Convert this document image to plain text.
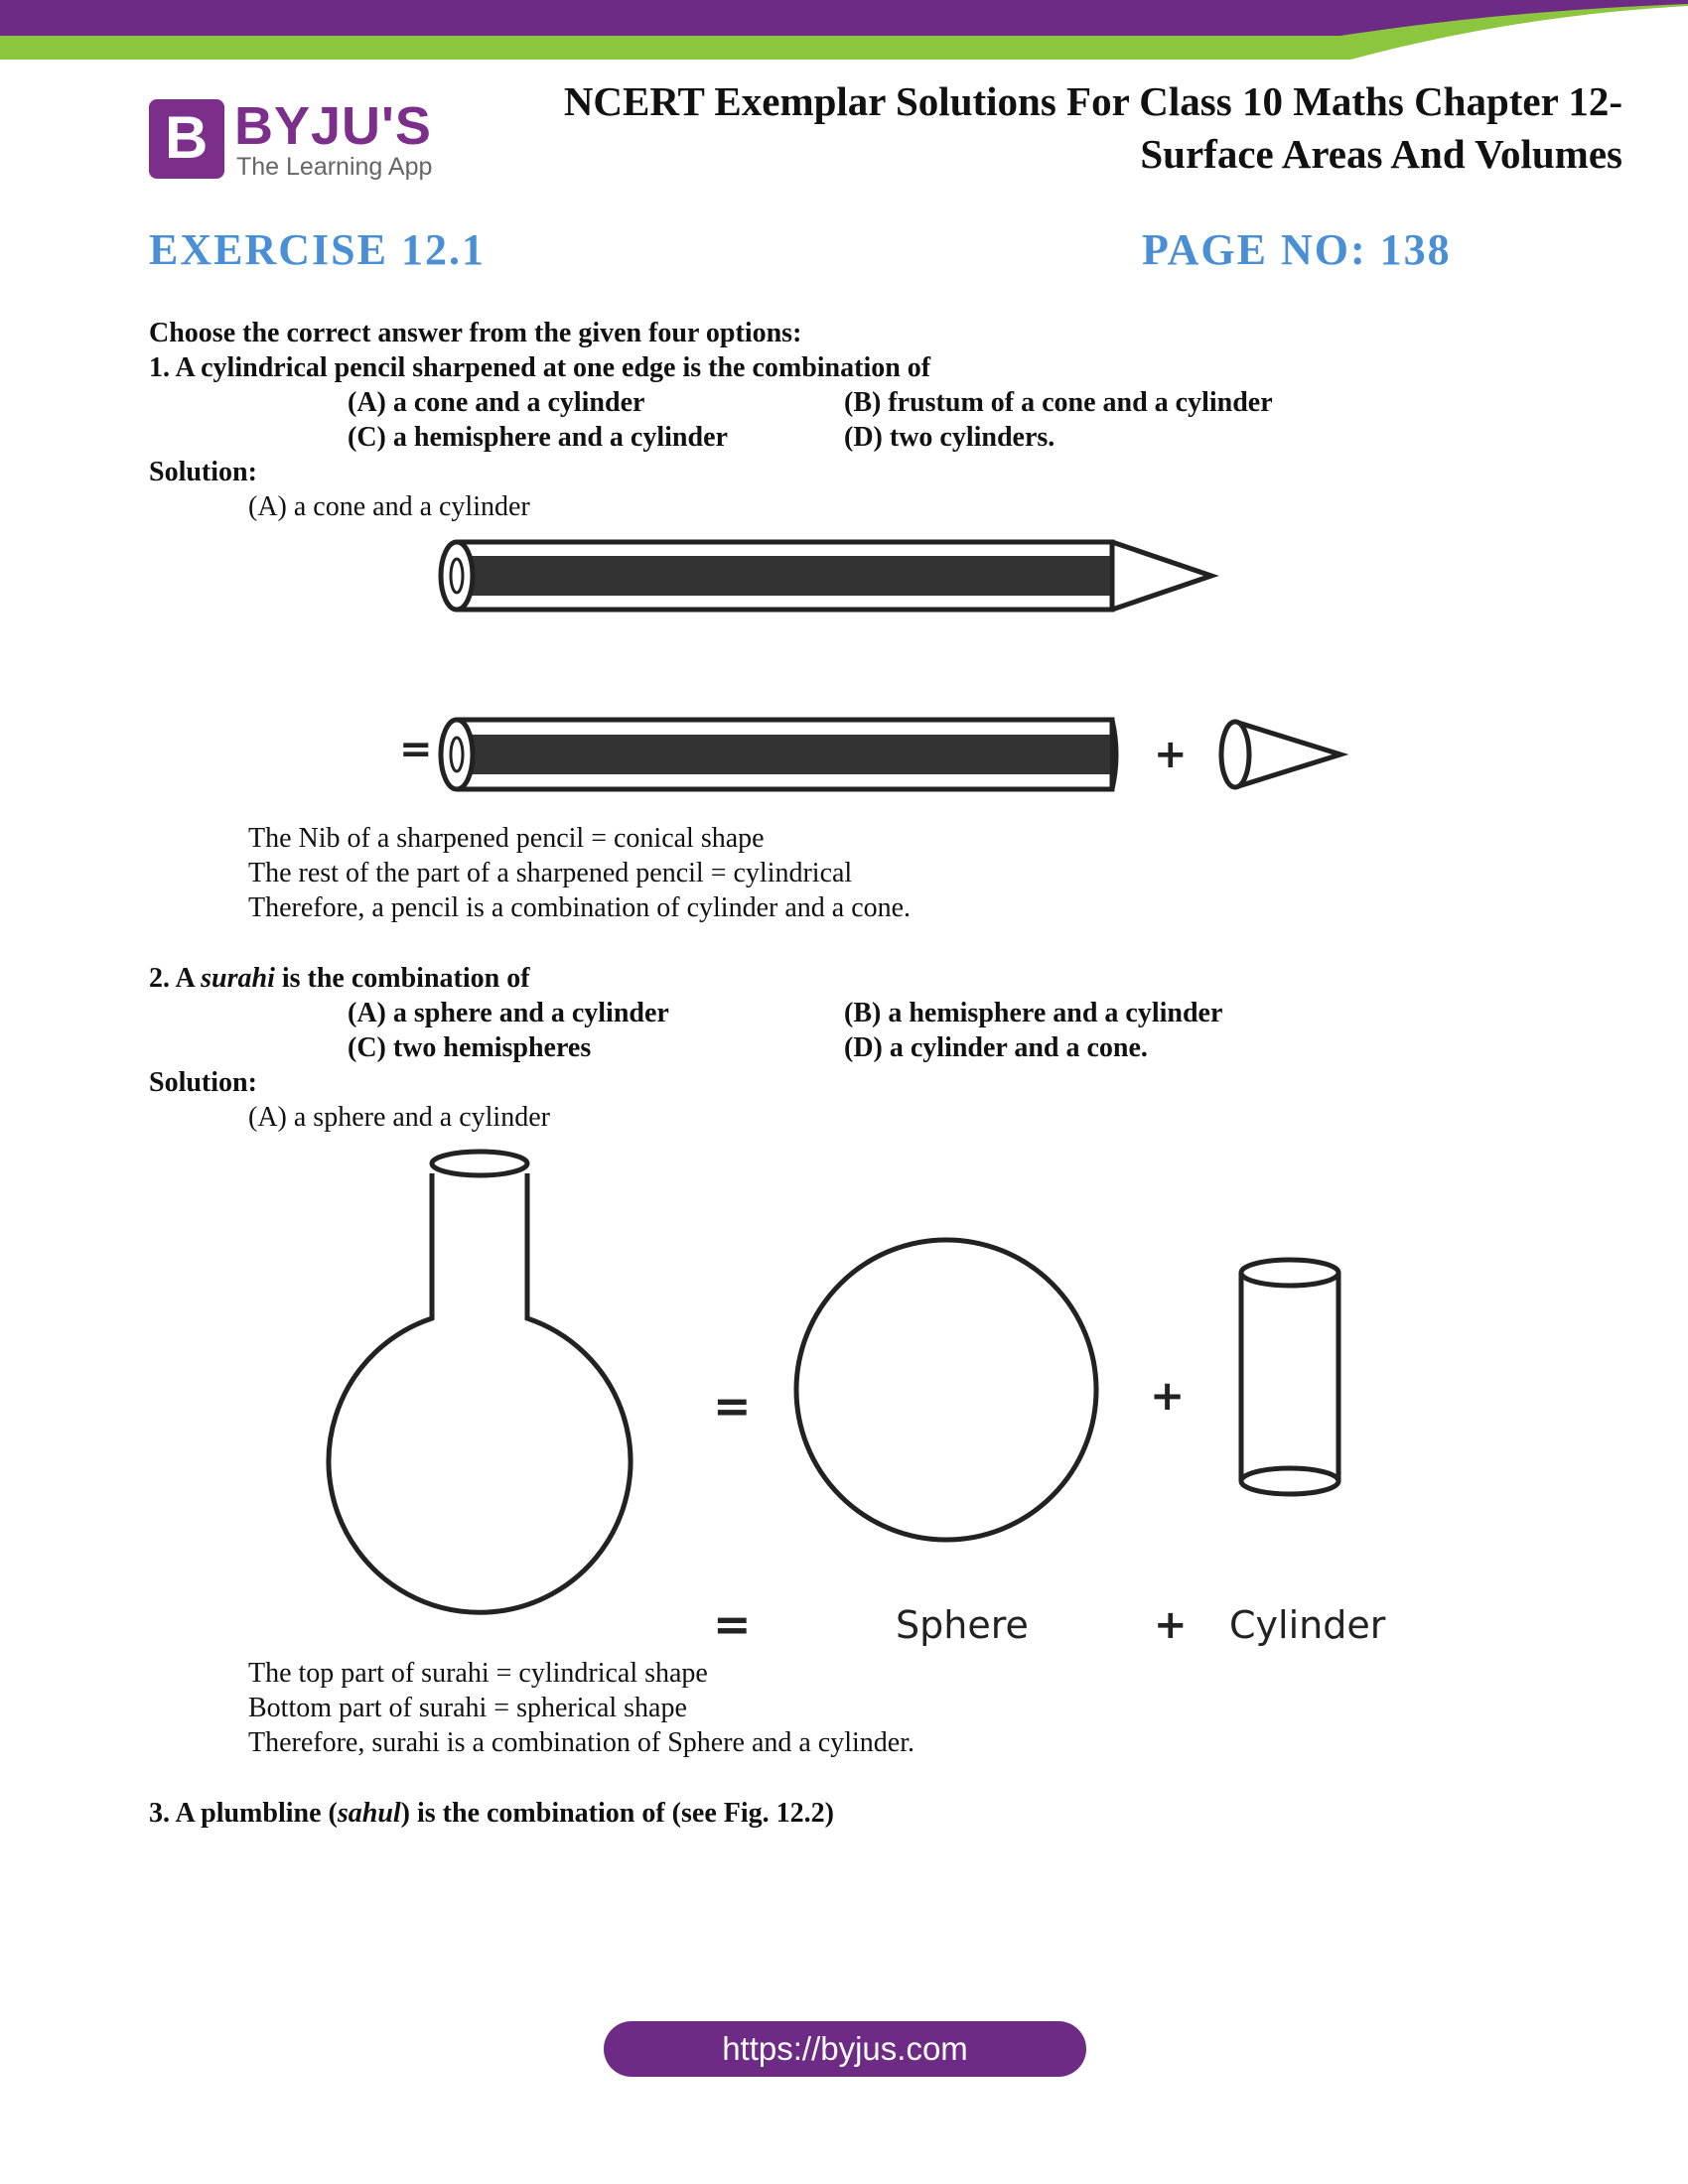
B BYJU'S
The Learning App
NCERT Exemplar Solutions For Class 10 Maths Chapter 12-
Surface Areas And Volumes
EXERCISE 12.1	PAGE NO: 138
Choose the correct answer from the given four options:
1. A cylindrical pencil sharpened at one edge is the combination of
(A) a cone and a cylinder	(B) frustum of a cone and a cylinder
(C) a hemisphere and a cylinder	(D) two cylinders.
Solution:
(A) a cone and a cylinder
=	+
The Nib of a sharpened pencil = conical shape
The rest of the part of a sharpened pencil = cylindrical
Therefore, a pencil is a combination of cylinder and a cone.
2. A surahi is the combination of
(A) a sphere and a cylinder	(B) a hemisphere and a cylinder
(C) two hemispheres	(D) a cylinder and a cone.
Solution:
(A) a sphere and a cylinder
=	+
=	Sphere	+ Cylinder
The top part of surahi = cylindrical shape
Bottom part of surahi = spherical shape
Therefore, surahi is a combination of Sphere and a cylinder.
3. A plumbline (sahul) is the combination of (see Fig. 12.2)
https://byjus.com
